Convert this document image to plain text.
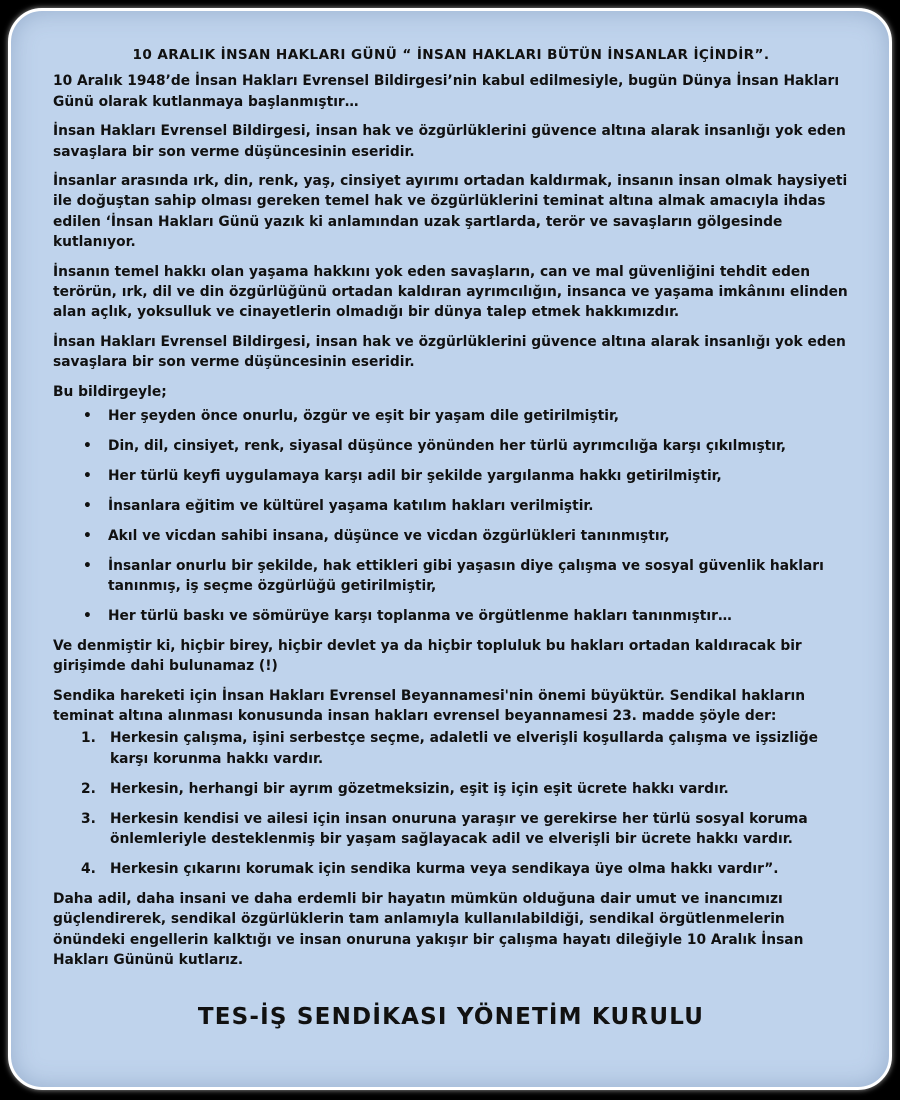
10 ARALIK İNSAN HAKLARI GÜNÜ “ İNSAN HAKLARI BÜTÜN İNSANLAR İÇİNDİR”.

10 Aralık 1948’de İnsan Hakları Evrensel Bildirgesi’nin kabul edilmesiyle, bugün Dünya İnsan Hakları Günü olarak kutlanmaya başlanmıştır…

İnsan Hakları Evrensel Bildirgesi, insan hak ve özgürlüklerini güvence altına alarak insanlığı yok eden savaşlara bir son verme düşüncesinin eseridir.

İnsanlar arasında ırk, din, renk, yaş, cinsiyet ayırımı ortadan kaldırmak, insanın insan olmak haysiyeti ile doğuştan sahip olması gereken temel hak ve özgürlüklerini teminat altına almak amacıyla ihdas edilen ‘İnsan Hakları Günü yazık ki anlamından uzak şartlarda, terör ve savaşların gölgesinde kutlanıyor.

İnsanın temel hakkı olan yaşama hakkını yok eden savaşların, can ve mal güvenliğini tehdit eden terörün, ırk, dil ve din özgürlüğünü ortadan kaldıran ayrımcılığın, insanca ve yaşama imkânını elinden alan açlık, yoksulluk ve cinayetlerin olmadığı bir dünya talep etmek hakkımızdır.

İnsan Hakları Evrensel Bildirgesi, insan hak ve özgürlüklerini güvence altına alarak insanlığı yok eden savaşlara bir son verme düşüncesinin eseridir.

Bu bildirgeyle;

• Her şeyden önce onurlu, özgür ve eşit bir yaşam dile getirilmiştir,
• Din, dil, cinsiyet, renk, siyasal düşünce yönünden her türlü ayrımcılığa karşı çıkılmıştır,
• Her türlü keyfi uygulamaya karşı adil bir şekilde yargılanma hakkı getirilmiştir,
• İnsanlara eğitim ve kültürel yaşama katılım hakları verilmiştir.
• Akıl ve vicdan sahibi insana, düşünce ve vicdan özgürlükleri tanınmıştır,
• İnsanlar onurlu bir şekilde, hak ettikleri gibi yaşasın diye çalışma ve sosyal güvenlik hakları tanınmış, iş seçme özgürlüğü getirilmiştir,
• Her türlü baskı ve sömürüye karşı toplanma ve örgütlenme hakları tanınmıştır…

Ve denmiştir ki, hiçbir birey, hiçbir devlet ya da hiçbir topluluk bu hakları ortadan kaldıracak bir girişimde dahi bulunamaz (!)

Sendika hareketi için İnsan Hakları Evrensel Beyannamesi'nin önemi büyüktür. Sendikal hakların teminat altına alınması konusunda insan hakları evrensel beyannamesi 23. madde şöyle der:

1. Herkesin çalışma, işini serbestçe seçme, adaletli ve elverişli koşullarda çalışma ve işsizliğe karşı korunma hakkı vardır.
2. Herkesin, herhangi bir ayrım gözetmeksizin, eşit iş için eşit ücrete hakkı vardır.
3. Herkesin kendisi ve ailesi için insan onuruna yaraşır ve gerekirse her türlü sosyal koruma önlemleriyle desteklenmiş bir yaşam sağlayacak adil ve elverişli bir ücrete hakkı vardır.
4. Herkesin çıkarını korumak için sendika kurma veya sendikaya üye olma hakkı vardır”.

Daha adil, daha insani ve daha erdemli bir hayatın mümkün olduğuna dair umut ve inancımızı güçlendirerek, sendikal özgürlüklerin tam anlamıyla kullanılabildiği, sendikal örgütlenmelerin önündeki engellerin kalktığı ve insan onuruna yakışır bir çalışma hayatı dileğiyle 10 Aralık İnsan Hakları Gününü kutlarız.

TES-İŞ SENDİKASI YÖNETİM KURULU
